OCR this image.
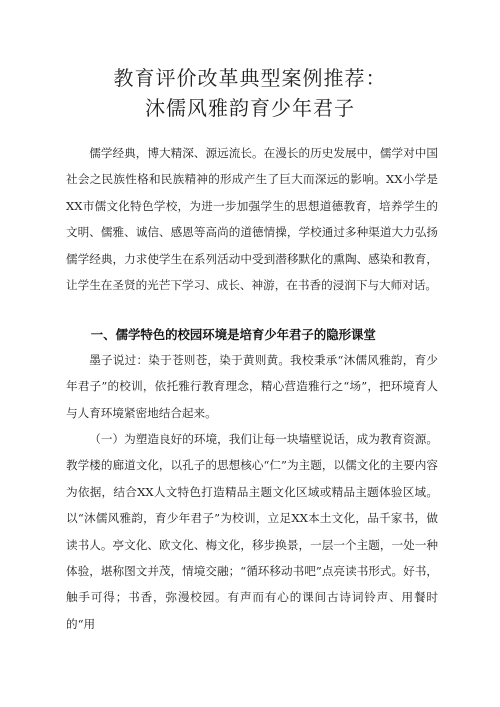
教育评价改革典型案例推荐：
沐儒风雅韵育少年君子

儒学经典，博大精深、源远流长。在漫长的历史发展中，儒学对中国社会之民族性格和民族精神的形成产生了巨大而深远的影响。XX小学是XX市儒文化特色学校，为进一步加强学生的思想道德教育，培养学生的文明、儒雅、诚信、感恩等高尚的道德情操，学校通过多种渠道大力弘扬儒学经典，力求使学生在系列活动中受到潜移默化的熏陶、感染和教育，让学生在圣贤的光芒下学习、成长、神游，在书香的浸润下与大师对话。

一、儒学特色的校园环境是培育少年君子的隐形课堂

墨子说过：染于苍则苍，染于黄则黄。我校秉承“沐儒风雅韵，育少年君子”的校训，依托雅行教育理念，精心营造雅行之“场”，把环境育人与人育环境紧密地结合起来。

（一）为塑造良好的环境，我们让每一块墙壁说话，成为教育资源。教学楼的廊道文化，以孔子的思想核心“仁”为主题，以儒文化的主要内容为依据，结合XX人文特色打造精品主题文化区域或精品主题体验区域。以“沐儒风雅韵，育少年君子”为校训，立足XX本土文化，品千家书，做读书人。亭文化、欧文化、梅文化，移步换景，一层一个主题，一处一种体验，堪称图文并茂，情境交融；“循环移动书吧”点亮读书形式。好书，触手可得；书香，弥漫校园。有声而有心的课间古诗词铃声、用餐时的“用
